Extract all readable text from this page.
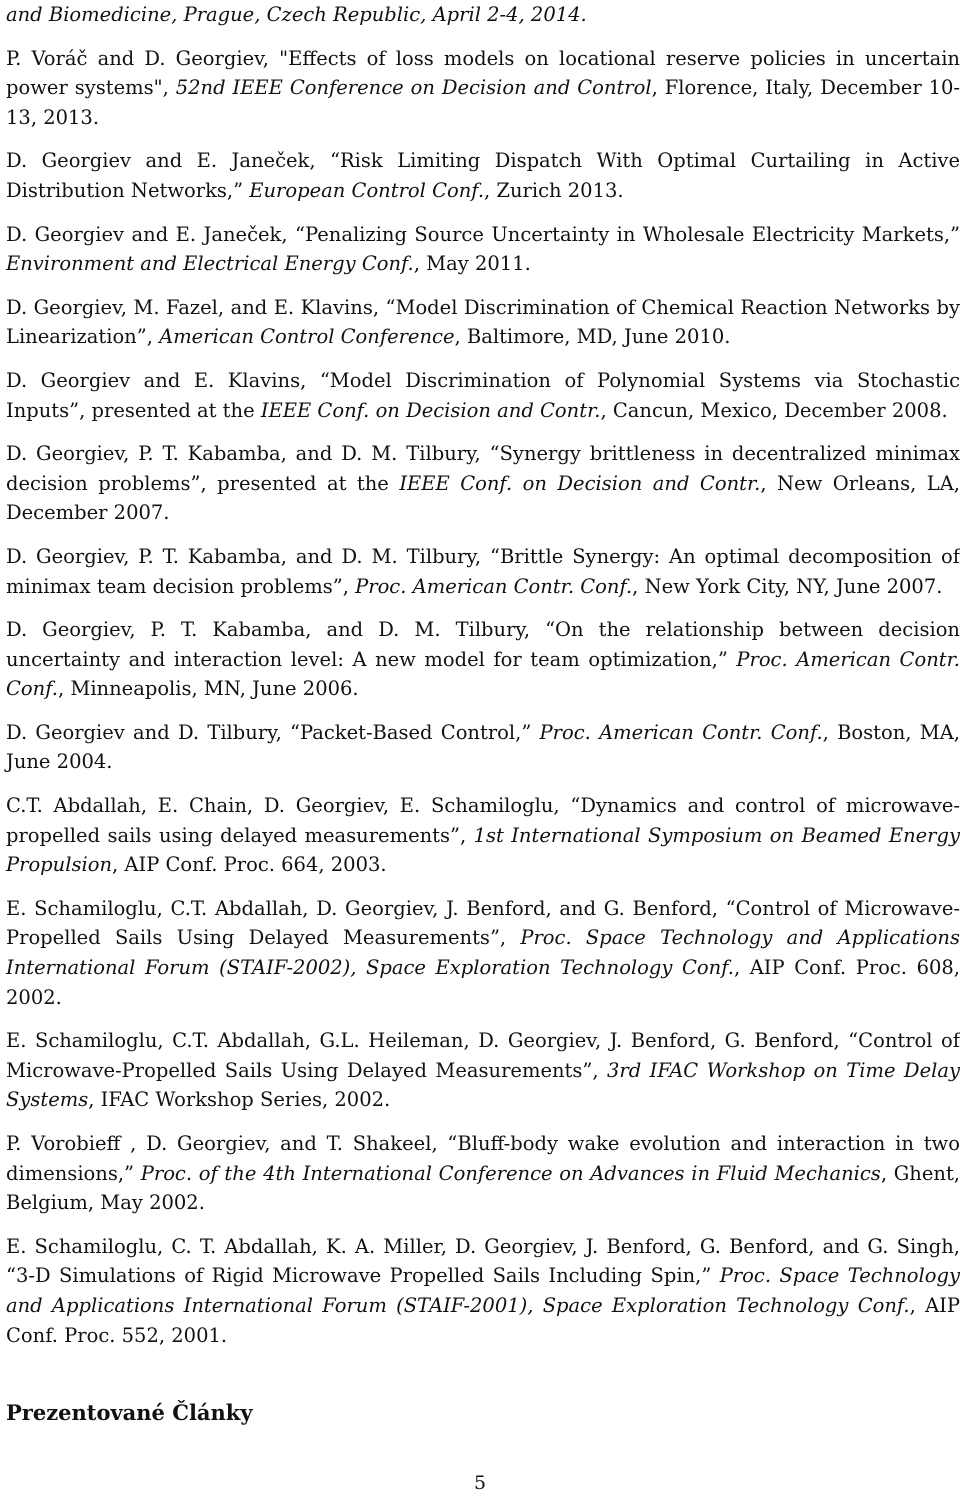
and Biomedicine, Prague, Czech Republic, April 2-4, 2014.

P. Voráč and D. Georgiev, "Effects of loss models on locational reserve policies in uncertain power systems", 52nd IEEE Conference on Decision and Control, Florence, Italy, December 10-13, 2013.

D. Georgiev and E. Janeček, “Risk Limiting Dispatch With Optimal Curtailing in Active Distribution Networks,” European Control Conf., Zurich 2013.

D. Georgiev and E. Janeček, “Penalizing Source Uncertainty in Wholesale Electricity Markets,” Environment and Electrical Energy Conf., May 2011.

D. Georgiev, M. Fazel, and E. Klavins, “Model Discrimination of Chemical Reaction Networks by Linearization”, American Control Conference, Baltimore, MD, June 2010.

D. Georgiev and E. Klavins, “Model Discrimination of Polynomial Systems via Stochastic Inputs”, presented at the IEEE Conf. on Decision and Contr., Cancun, Mexico, December 2008.

D. Georgiev, P. T. Kabamba, and D. M. Tilbury, “Synergy brittleness in decentralized minimax decision problems”, presented at the IEEE Conf. on Decision and Contr., New Orleans, LA, December 2007.

D. Georgiev, P. T. Kabamba, and D. M. Tilbury, “Brittle Synergy: An optimal decomposition of minimax team decision problems”, Proc. American Contr. Conf., New York City, NY, June 2007.

D. Georgiev, P. T. Kabamba, and D. M. Tilbury, “On the relationship between decision uncertainty and interaction level: A new model for team optimization,” Proc. American Contr. Conf., Minneapolis, MN, June 2006.

D. Georgiev and D. Tilbury, “Packet-Based Control,” Proc. American Contr. Conf., Boston, MA, June 2004.

C.T. Abdallah, E. Chain, D. Georgiev, E. Schamiloglu, “Dynamics and control of microwave-propelled sails using delayed measurements”, 1st International Symposium on Beamed Energy Propulsion, AIP Conf. Proc. 664, 2003.

E. Schamiloglu, C.T. Abdallah, D. Georgiev, J. Benford, and G. Benford, “Control of Microwave-Propelled Sails Using Delayed Measurements”, Proc. Space Technology and Applications International Forum (STAIF-2002), Space Exploration Technology Conf., AIP Conf. Proc. 608, 2002.

E. Schamiloglu, C.T. Abdallah, G.L. Heileman, D. Georgiev, J. Benford, G. Benford, “Control of Microwave-Propelled Sails Using Delayed Measurements”, 3rd IFAC Workshop on Time Delay Systems, IFAC Workshop Series, 2002.

P. Vorobieff , D. Georgiev, and T. Shakeel, “Bluff-body wake evolution and interaction in two dimensions,” Proc. of the 4th International Conference on Advances in Fluid Mechanics, Ghent, Belgium, May 2002.

E. Schamiloglu, C. T. Abdallah, K. A. Miller, D. Georgiev, J. Benford, G. Benford, and G. Singh, “3-D Simulations of Rigid Microwave Propelled Sails Including Spin,” Proc. Space Technology and Applications International Forum (STAIF-2001), Space Exploration Technology Conf., AIP Conf. Proc. 552, 2001.

Prezentované Články
5
